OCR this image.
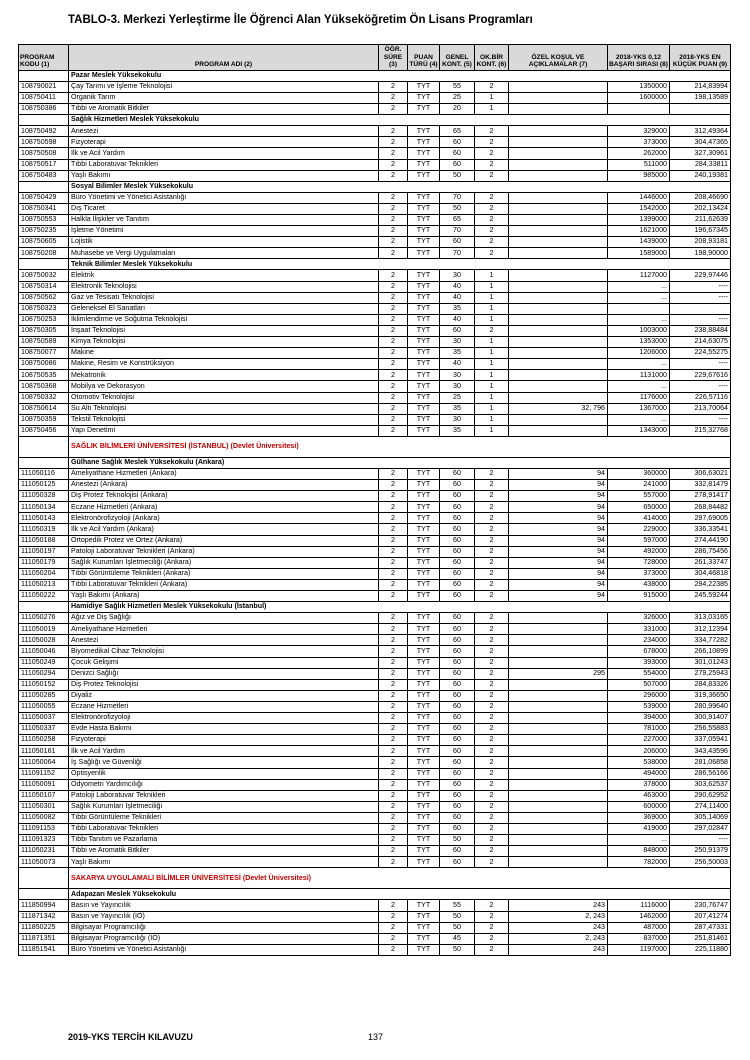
TABLO-3. Merkezi Yerleştirme İle Öğrenci Alan Yükseköğretim Ön Lisans Programları
PROGRAM KODU (1)	PROGRAM ADI (2)	ÖĞR. SÜRE (3)	PUAN TÜRÜ (4)	GENEL KONT. (5)	OK.BİR KONT. (6)	ÖZEL KOŞUL VE AÇIKLAMALAR (7)	2018-YKS 0,12 BAŞARI SIRASI (8)	2018-YKS EN KÜÇÜK PUAN (9)
	Pazar Meslek Yüksekokulu							
108790021	Çay Tarımı ve İşleme Teknolojisi	2	TYT	55	2		1350000	214,83994
108750411	Organik Tarım	2	TYT	25	1		1600000	198,13589
108750386	Tıbbi ve Aromatik Bitkiler	2	TYT	20	1			
	Sağlık Hizmetleri Meslek Yüksekokulu							
108750492	Anestezi	2	TYT	65	2		329000	312,49364
108750598	Fizyoterapi	2	TYT	60	2		373000	304,47365
108750508	İlk ve Acil Yardım	2	TYT	60	2		262000	327,30961
108750517	Tıbbi Laboratuvar Teknikleri	2	TYT	60	2		511000	284,33811
108750483	Yaşlı Bakımı	2	TYT	50	2		985000	240,19381
	Sosyal Bilimler Meslek Yüksekokulu							
108750429	Büro Yönetimi ve Yönetici Asistanlığı	2	TYT	70	2		1446000	208,46690
108750341	Dış Ticaret	2	TYT	50	2		1542000	202,13424
108750553	Halkla İlişkiler ve Tanıtım	2	TYT	65	2		1399000	211,62639
108750235	İşletme Yönetimi	2	TYT	70	2		1621000	196,67345
108750605	Lojistik	2	TYT	60	2		1439000	208,93181
108750208	Muhasebe ve Vergi Uygulamaları	2	TYT	70	2		1589000	198,90000
	Teknik Bilimler Meslek Yüksekokulu							
108750032	Elektrik	2	TYT	30	1		1127000	229,97446
108750314	Elektronik Teknolojisi	2	TYT	40	1		...	----
108750562	Gaz ve Tesisatı Teknolojisi	2	TYT	40	1		...	----
108750323	Geleneksel El Sanatları	2	TYT	35	1			
108750253	İklimlendirme ve Soğutma Teknolojisi	2	TYT	40	1		...	----
108750305	İnşaat Teknolojisi	2	TYT	60	2		1003000	238,88484
108750589	Kimya Teknolojisi	2	TYT	30	1		1353000	214,63075
108750077	Makine	2	TYT	35	1		1206000	224,55275
108750086	Makine, Resim ve Konstrüksiyon	2	TYT	40	1		...	----
108750535	Mekatronik	2	TYT	30	1		1131000	229,67616
108750368	Mobilya ve Dekorasyon	2	TYT	30	1		...	----
108750332	Otomotiv Teknolojisi	2	TYT	25	1		1176000	226,57116
108750614	Su Altı Teknolojisi	2	TYT	35	1	32, 796	1367000	213,70064
108750359	Tekstil Teknolojisi	2	TYT	30	1		...	----
108750456	Yapı Denetimi	2	TYT	35	1		1343000	215,32768
	SAĞLIK BİLİMLERİ ÜNİVERSİTESİ (İSTANBUL) (Devlet Üniversitesi)							
	Gülhane Sağlık Meslek Yüksekokulu (Ankara)							
111050116	Ameliyathane Hizmetleri (Ankara)	2	TYT	60	2	94	360000	306,63021
111050125	Anestezi (Ankara)	2	TYT	60	2	94	241000	332,81479
111050328	Diş Protez Teknolojisi (Ankara)	2	TYT	60	2	94	557000	278,91417
111050134	Eczane Hizmetleri (Ankara)	2	TYT	60	2	94	650000	268,84482
111050143	Elektronörofizyoloji (Ankara)	2	TYT	60	2	94	414000	297,69005
111050319	İlk ve Acil Yardım (Ankara)	2	TYT	60	2	94	229000	336,33541
111050188	Ortopedik Protez ve Ortez (Ankara)	2	TYT	60	2	94	597000	274,44190
111050197	Patoloji Laboratuvar Teknikleri (Ankara)	2	TYT	60	2	94	492000	286,75456
111050179	Sağlık Kurumları İşletmeciliği (Ankara)	2	TYT	60	2	94	728000	261,33747
111050204	Tıbbi Görüntüleme Teknikleri (Ankara)	2	TYT	60	2	94	373000	304,46818
111050213	Tıbbi Laboratuvar Teknikleri (Ankara)	2	TYT	60	2	94	438000	294,22385
111050222	Yaşlı Bakımı (Ankara)	2	TYT	60	2	94	915000	245,59244
	Hamidiye Sağlık Hizmetleri Meslek Yüksekokulu (İstanbul)							
111050276	Ağız ve Diş Sağlığı	2	TYT	60	2		326000	313,03165
111050019	Ameliyathane Hizmetleri	2	TYT	60	2		331000	312,12394
111050028	Anestezi	2	TYT	60	2		234000	334,77282
111050046	Biyomedikal Cihaz Teknolojisi	2	TYT	60	2		678000	266,10899
111050249	Çocuk Gelişimi	2	TYT	60	2		393000	301,01243
111050294	Denizci Sağlığı	2	TYT	60	2	295	554000	279,25943
111050152	Diş Protez Teknolojisi	2	TYT	60	2		507000	284,83326
111050285	Diyaliz	2	TYT	60	2		296000	319,36650
111050055	Eczane Hizmetleri	2	TYT	60	2		539000	280,99640
111050037	Elektronörofizyoloji	2	TYT	60	2		394000	300,91407
111050337	Evde Hasta Bakımı	2	TYT	60	2		781000	256,55883
111050258	Fizyoterapi	2	TYT	60	2		227000	337,05941
111050161	İlk ve Acil Yardım	2	TYT	60	2		206000	343,43596
111050064	İş Sağlığı ve Güvenliği	2	TYT	60	2		538000	281,06858
111091152	Optisyenlik	2	TYT	60	2		494000	286,56166
111050091	Odyometri Yardımcılığı	2	TYT	60	2		378000	303,62537
111050107	Patoloji Laboratuvar Teknikleri	2	TYT	60	2		463000	290,62952
111050301	Sağlık Kurumları İşletmeciliği	2	TYT	60	2		600000	274,11400
111050082	Tıbbi Görüntüleme Teknikleri	2	TYT	60	2		369000	305,14069
111091153	Tıbbi Laboratuvar Teknikleri	2	TYT	60	2		419000	297,02847
111091323	Tıbbi Tanıtım ve Pazarlama	2	TYT	50	2		...	----
111050231	Tıbbi ve Aromatik Bitkiler	2	TYT	60	2		848000	250,91379
111050073	Yaşlı Bakımı	2	TYT	60	2		782000	256,50003
	SAKARYA UYGULAMALI BİLİMLER ÜNİVERSİTESİ (Devlet Üniversitesi)							
	Adapazarı Meslek Yüksekokulu							
111850994	Basın ve Yayıncılık	2	TYT	55	2	243	1116000	230,76747
111871342	Basın ve Yayıncılık (İÖ)	2	TYT	50	2	2, 243	1462000	207,41274
111850225	Bilgisayar Programcılığı	2	TYT	50	2	243	487000	287,47331
111871351	Bilgisayar Programcılığı (İÖ)	2	TYT	45	2	2, 243	837000	251,81461
111851541	Büro Yönetimi ve Yönetici Asistanlığı	2	TYT	50	2	243	1197000	225,11880
2019-YKS TERCİH KILAVUZU	137
